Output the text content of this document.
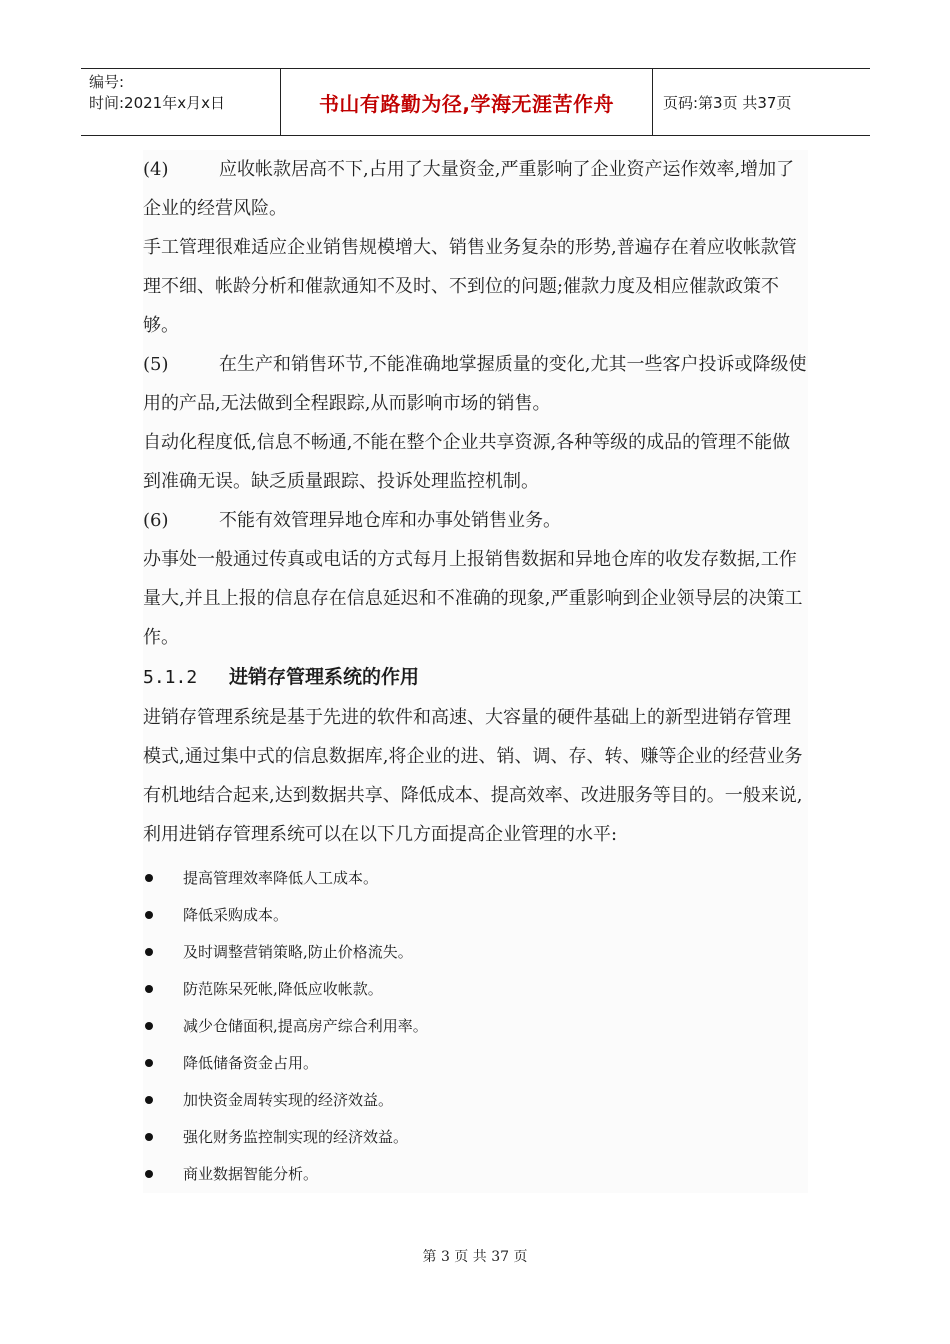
编号:
时间:2021年x月x日	书山有路勤为径,学海无涯苦作舟	页码:第3页 共37页

(4)	应收帐款居高不下,占用了大量资金,严重影响了企业资产运作效率,增加了企业的经营风险。

手工管理很难适应企业销售规模增大、销售业务复杂的形势,普遍存在着应收帐款管理不细、帐龄分析和催款通知不及时、不到位的问题;催款力度及相应催款政策不够。

(5)	在生产和销售环节,不能准确地掌握质量的变化,尤其一些客户投诉或降级使用的产品,无法做到全程跟踪,从而影响市场的销售。

自动化程度低,信息不畅通,不能在整个企业共享资源,各种等级的成品的管理不能做到准确无误。缺乏质量跟踪、投诉处理监控机制。

(6)	不能有效管理异地仓库和办事处销售业务。

办事处一般通过传真或电话的方式每月上报销售数据和异地仓库的收发存数据,工作量大,并且上报的信息存在信息延迟和不准确的现象,严重影响到企业领导层的决策工作。

5.1.2 进销存管理系统的作用

进销存管理系统是基于先进的软件和高速、大容量的硬件基础上的新型进销存管理模式,通过集中式的信息数据库,将企业的进、销、调、存、转、赚等企业的经营业务有机地结合起来,达到数据共享、降低成本、提高效率、改进服务等目的。一般来说,利用进销存管理系统可以在以下几方面提高企业管理的水平:

提高管理效率降低人工成本。
降低采购成本。
及时调整营销策略,防止价格流失。
防范陈呆死帐,降低应收帐款。
减少仓储面积,提高房产综合利用率。
降低储备资金占用。
加快资金周转实现的经济效益。
强化财务监控制实现的经济效益。
商业数据智能分析。
第 3 页 共 37 页
